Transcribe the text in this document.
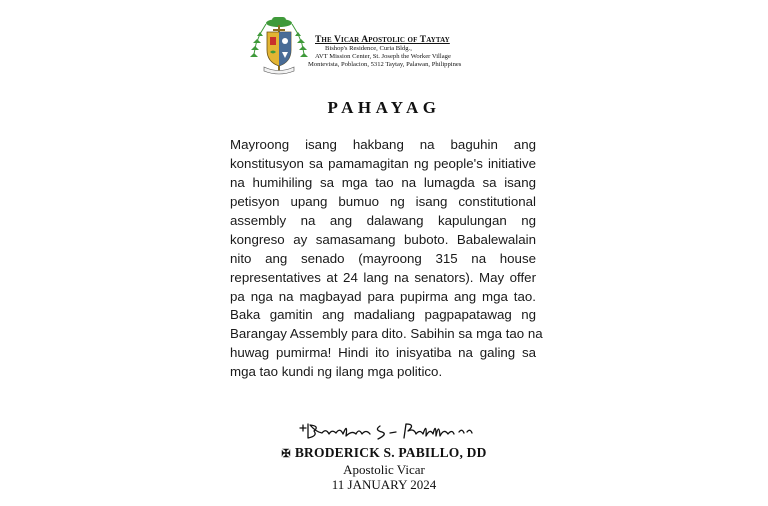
The Vicar Apostolic of Taytay
Bishop's Residence, Curia Bldg.,
AVT Mission Center, St. Joseph the Worker Village
Montevista, Poblacion, 5312 Taytay, Palawan, Philippines
PAHAYAG
Mayroong isang hakbang na baguhin ang
konstitusyon sa pamamagitan ng people's initiative
na humihiling sa mga tao na lumagda sa isang
petisyon upang bumuo ng isang constitutional
assembly na ang dalawang kapulungan ng
kongreso ay samasamang buboto. Babalewalain
nito ang senado (mayroong 315 na house
representatives at 24 lang na senators). May offer
pa nga na magbayad para pupirma ang mga tao.
Baka gamitin ang madaliang pagpapatawag ng
Barangay Assembly para dito. Sabihin sa mga tao na
huwag pumirma! Hindi ito inisyatiba na galing sa
mga tao kundi ng ilang mga politico.
✠ BRODERICK S. PABILLO, DD
Apostolic Vicar
11 JANUARY 2024
